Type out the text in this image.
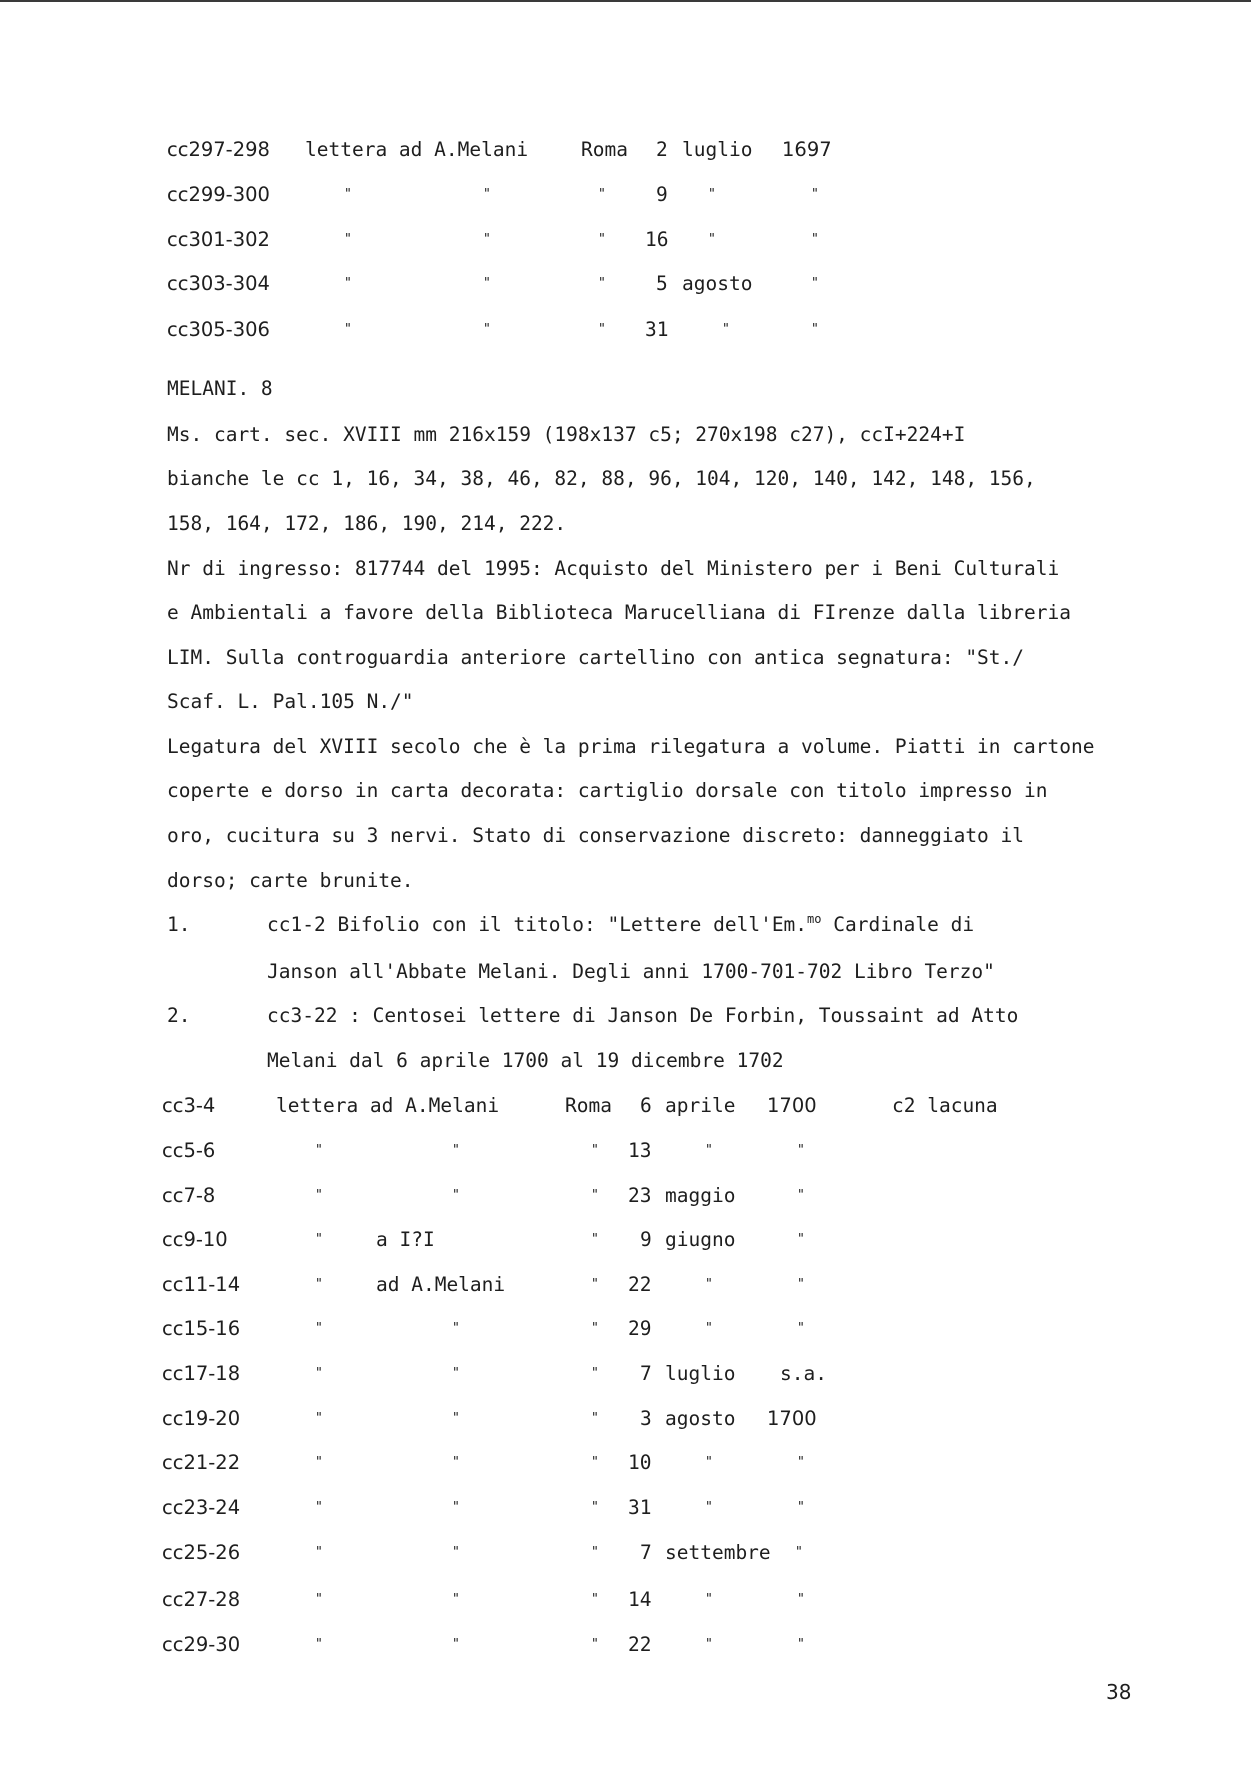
cc297-298 lettera ad A.Melani	Roma 2 luglio 1697
cc299-300	"	"	"	9	"	"
cc301-302	"	"	" 16	"	"
cc303-304	"	"	"	5 agosto	"
cc305-306	"	"	" 31	"	"
MELANI. 8
Ms. cart. sec. XVIII mm 216x159 (198x137 c5; 270x198 c27), ccI+224+I
bianche le cc 1, 16, 34, 38, 46, 82, 88, 96, 104, 120, 140, 142, 148, 156,
158, 164, 172, 186, 190, 214, 222.
Nr di ingresso: 817744 del 1995: Acquisto del Ministero per i Beni Culturali
e Ambientali a favore della Biblioteca Marucelliana di FIrenze dalla libreria
LIM. Sulla controguardia anteriore cartellino con antica segnatura: "St./
Scaf. L. Pal.105 N./"
Legatura del XVIII secolo che è la prima rilegatura a volume. Piatti in cartone
coperte e dorso in carta decorata: cartiglio dorsale con titolo impresso in
oro, cucitura su 3 nervi. Stato di conservazione discreto: danneggiato il
dorso; carte brunite.
1.	cc1-2 Bifolio con il titolo: "Lettere dell'Em.$^{mo}$ Cardinale di
Janson all'Abbate Melani. Degli anni 1700-701-702 Libro Terzo"
2.	cc3-22 : Centosei lettere di Janson De Forbin, Toussaint ad Atto
Melani dal 6 aprile 1700 al 19 dicembre 1702
cc3-4	lettera ad A.Melani	Roma 6 aprile 1700	c2 lacuna
cc5-6	"	"	" 13	"	"
cc7-8	"	"	" 23 maggio	"
cc9-10	"	a I?I	" 9 giugno	"
cc11-14	"	ad A.Melani	" 22	"	"
cc15-16	"	"	" 29	"	"
cc17-18	"	"	" 7 luglio s.a.
cc19-20	"	"	" 3 agosto 1700
cc21-22	"	"	" 10	"	"
cc23-24	"	"	" 31	"	"
cc25-26	"	"	" 7 settembre "
cc27-28	"	"	" 14	"	"
cc29-30	"	"	" 22	"	"
38
